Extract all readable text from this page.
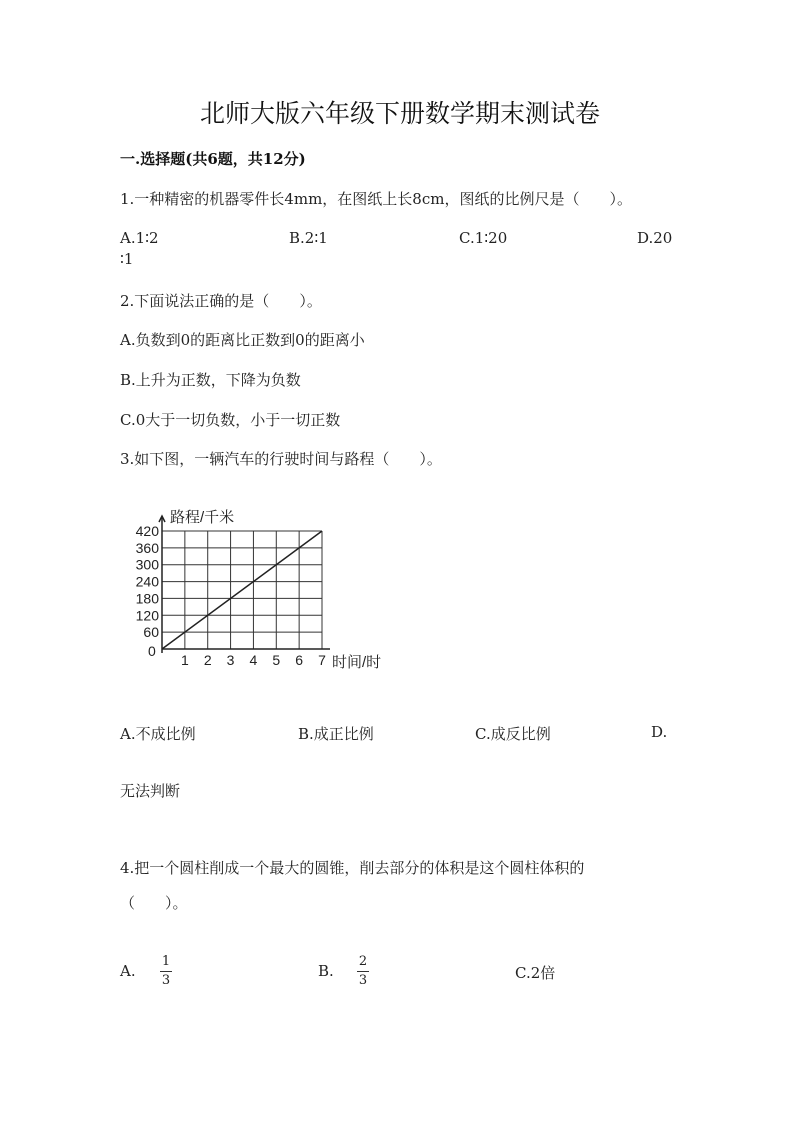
北师大版六年级下册数学期末测试卷
一.选择题(共6题，共12分)
1.一种精密的机器零件长4mm，在图纸上长8cm，图纸的比例尺是（　　）。
A.1∶2	B.2∶1	C.1∶20	D.20
∶1
2.下面说法正确的是（　　）。
A.负数到0的距离比正数到0的距离小
B.上升为正数，下降为负数
C.0大于一切负数，小于一切正数
3.如下图，一辆汽车的行驶时间与路程（　　）。
1 2 3 4 5 6 7
60
120
180
240
300
360
420
路程/千米
时间/时
0
A.不成比例	B.成正比例	C.成反比例	D.
无法判断
4.把一个圆柱削成一个最大的圆锥，削去部分的体积是这个圆柱体积的
（　　）。
A.
1
3
B.
2
3	C.2倍
